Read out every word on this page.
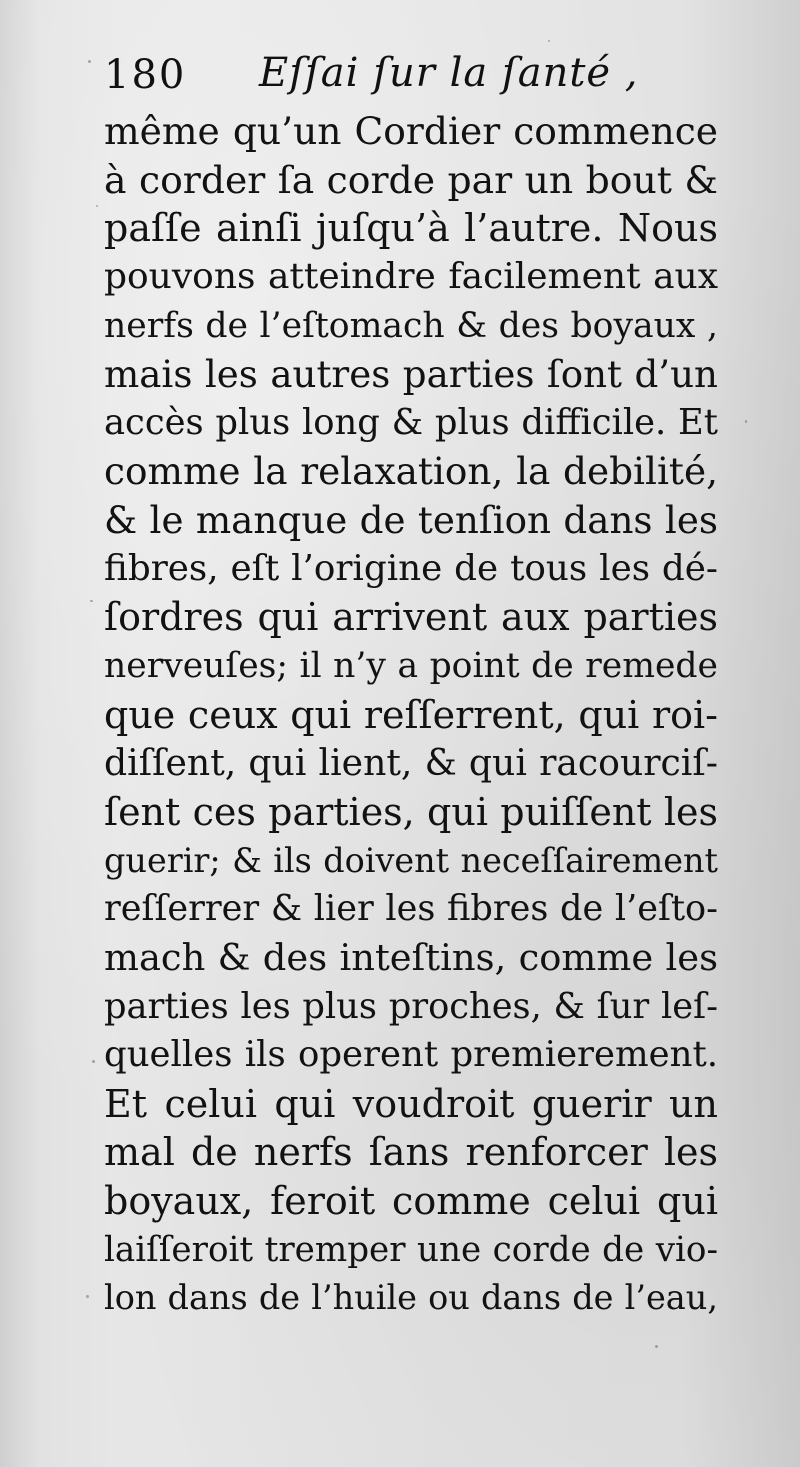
180 Eſſai ſur la ſanté ,
même qu’un Cordier commence
à corder ſa corde par un bout &
paſſe ainſi juſqu’à l’autre. Nous
pouvons atteindre facilement aux
nerfs de l’eſtomach & des boyaux ,
mais les autres parties ſont d’un
accès plus long & plus difficile. Et
comme la relaxation, la debilité,
& le manque de tenſion dans les
fibres, eſt l’origine de tous les dé-
ſordres qui arrivent aux parties
nerveuſes; il n’y a point de remede
que ceux qui reſſerrent, qui roi-
diſſent, qui lient, & qui racourciſ-
ſent ces parties, qui puiſſent les
guerir; & ils doivent neceſſairement
reſſerrer & lier les fibres de l’eſto-
mach & des inteſtins, comme les
parties les plus proches, & ſur leſ-
quelles ils operent premierement.
Et celui qui voudroit guerir un
mal de nerfs ſans renforcer les
boyaux, feroit comme celui qui
laiſſeroit tremper une corde de vio-
lon dans de l’huile ou dans de l’eau,
